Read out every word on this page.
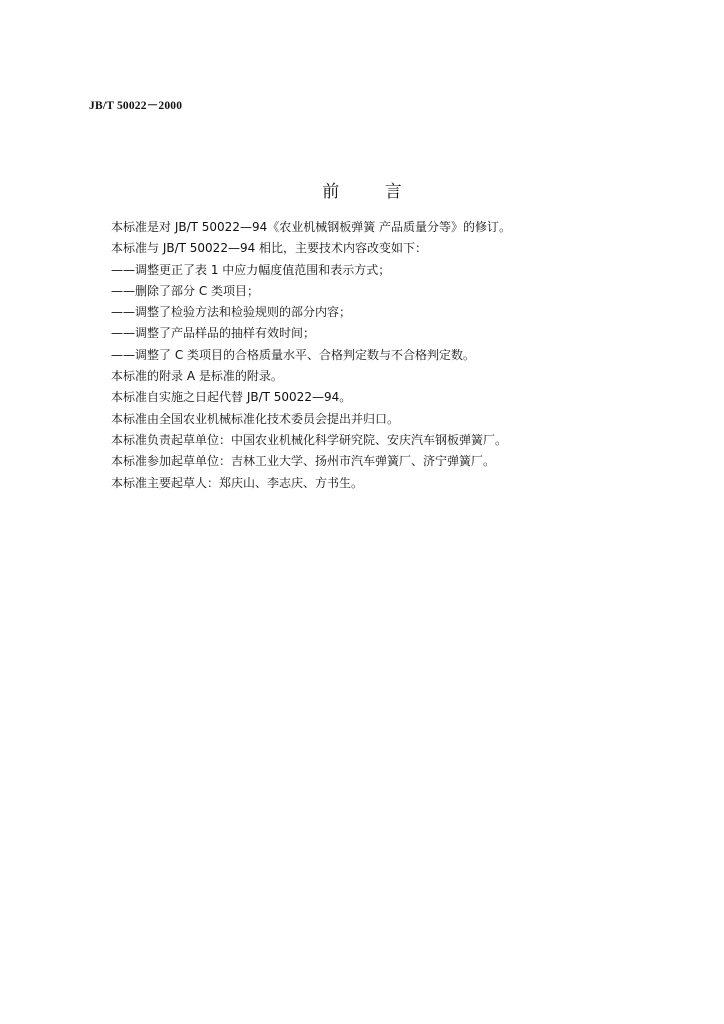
JB/T 50022－2000
前 言
本标准是对 JB/T 50022—94《农业机械钢板弹簧 产品质量分等》的修订。
本标准与 JB/T 50022—94 相比，主要技术内容改变如下：
——调整更正了表 1 中应力幅度值范围和表示方式；
——删除了部分 C 类项目；
——调整了检验方法和检验规则的部分内容；
——调整了产品样品的抽样有效时间；
——调整了 C 类项目的合格质量水平、合格判定数与不合格判定数。
本标准的附录 A 是标准的附录。
本标准自实施之日起代替 JB/T 50022—94。
本标准由全国农业机械标准化技术委员会提出并归口。
本标准负责起草单位：中国农业机械化科学研究院、安庆汽车钢板弹簧厂。
本标准参加起草单位：吉林工业大学、扬州市汽车弹簧厂、济宁弹簧厂。
本标准主要起草人：郑庆山、李志庆、方书生。
